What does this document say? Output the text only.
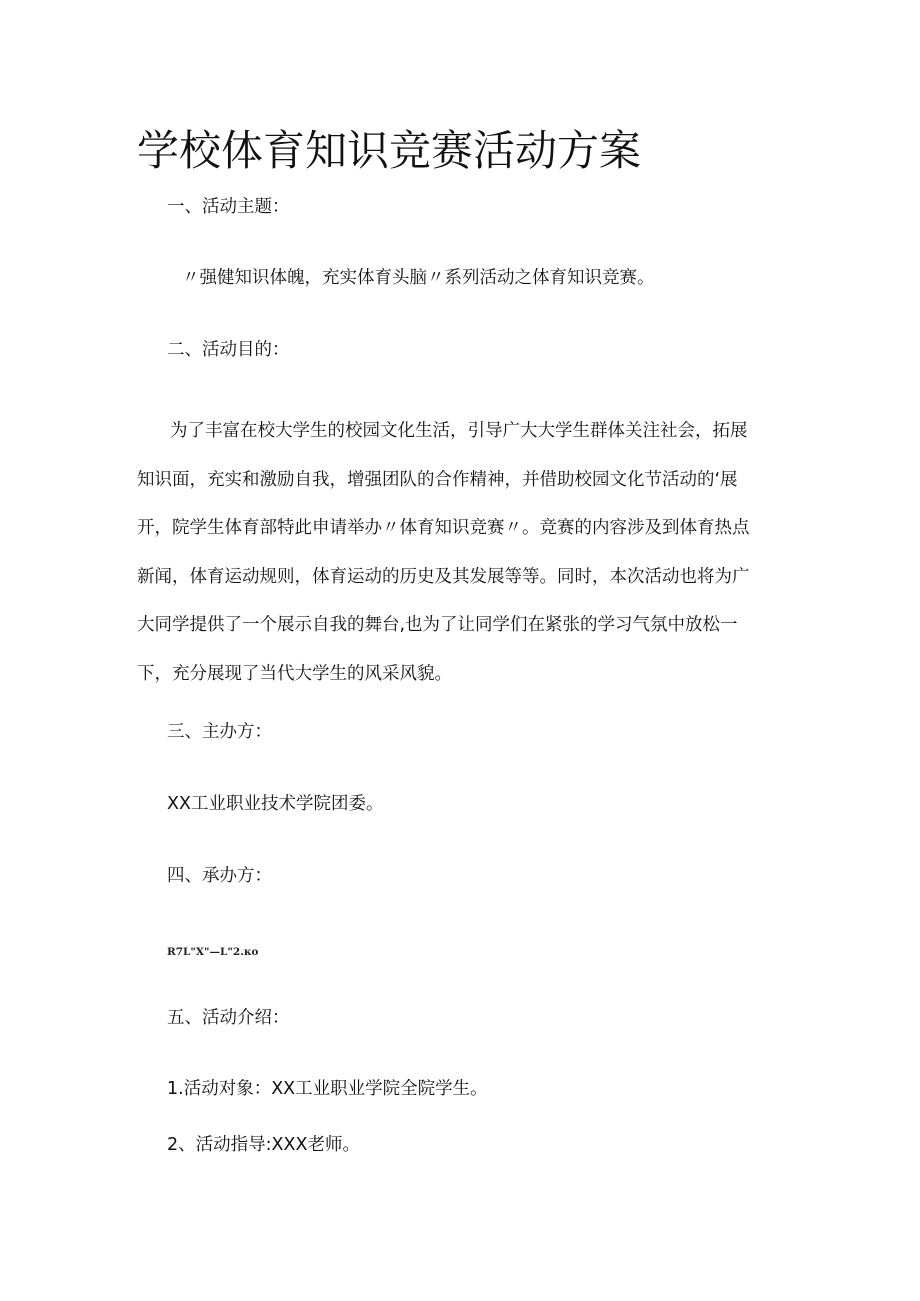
学校体育知识竞赛活动方案
一、活动主题：
〃强健知识体魄，充实体育头脑〃系列活动之体育知识竞赛。
二、活动目的：
为了丰富在校大学生的校园文化生活，引导广大大学生群体关注社会，拓展
知识面，充实和激励自我，增强团队的合作精神，并借助校园文化节活动的‘展
开，院学生体育部特此申请举办〃体育知识竞赛〃。竞赛的内容涉及到体育热点
新闻，体育运动规则，体育运动的历史及其发展等等。同时，本次活动也将为广
大同学提供了一个展示自我的舞台,也为了让同学们在紧张的学习气氛中放松一
下，充分展现了当代大学生的风采风貌。
三、主办方：
XX工业职业技术学院团委。
四、承办方：
R7L"X"—L"2.ко
五、活动介绍：
1.活动对象：XX工业职业学院全院学生。
2、活动指导:XXX老师。
